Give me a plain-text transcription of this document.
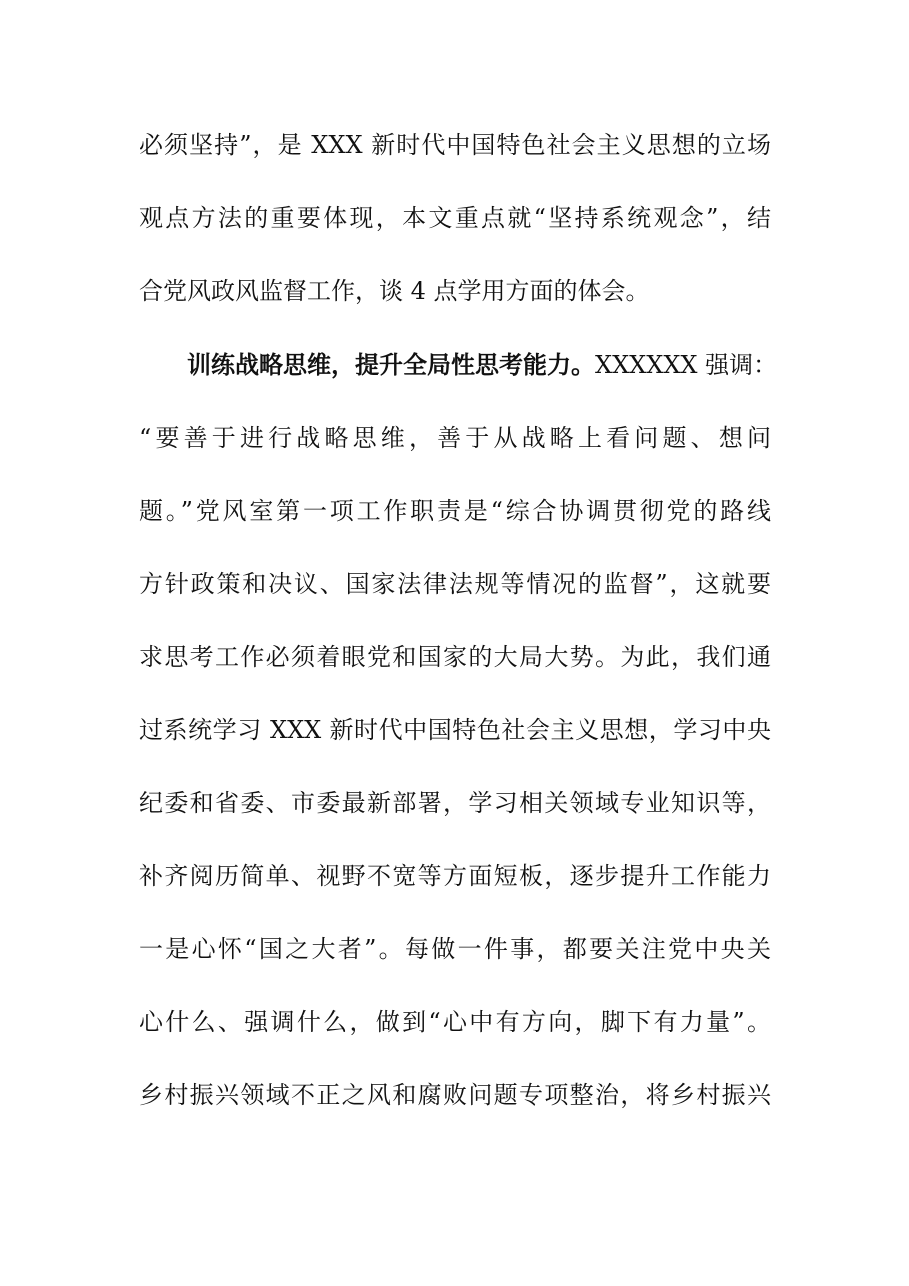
必须坚持”，是 XXX 新时代中国特色社会主义思想的立场
观点方法的重要体现，本文重点就“坚持系统观念”，结
合党风政风监督工作，谈 4 点学用方面的体会。
训练战略思维，提升全局性思考能力。XXXXXX 强调：
“要善于进行战略思维，善于从战略上看问题、想问
题。”党风室第一项工作职责是“综合协调贯彻党的路线
方针政策和决议、国家法律法规等情况的监督”，这就要
求思考工作必须着眼党和国家的大局大势。为此，我们通
过系统学习 XXX 新时代中国特色社会主义思想，学习中央
纪委和省委、市委最新部署，学习相关领域专业知识等，
补齐阅历简单、视野不宽等方面短板，逐步提升工作能力
一是心怀“国之大者”。每做一件事，都要关注党中央关
心什么、强调什么，做到“心中有方向，脚下有力量”。
乡村振兴领域不正之风和腐败问题专项整治，将乡村振兴
